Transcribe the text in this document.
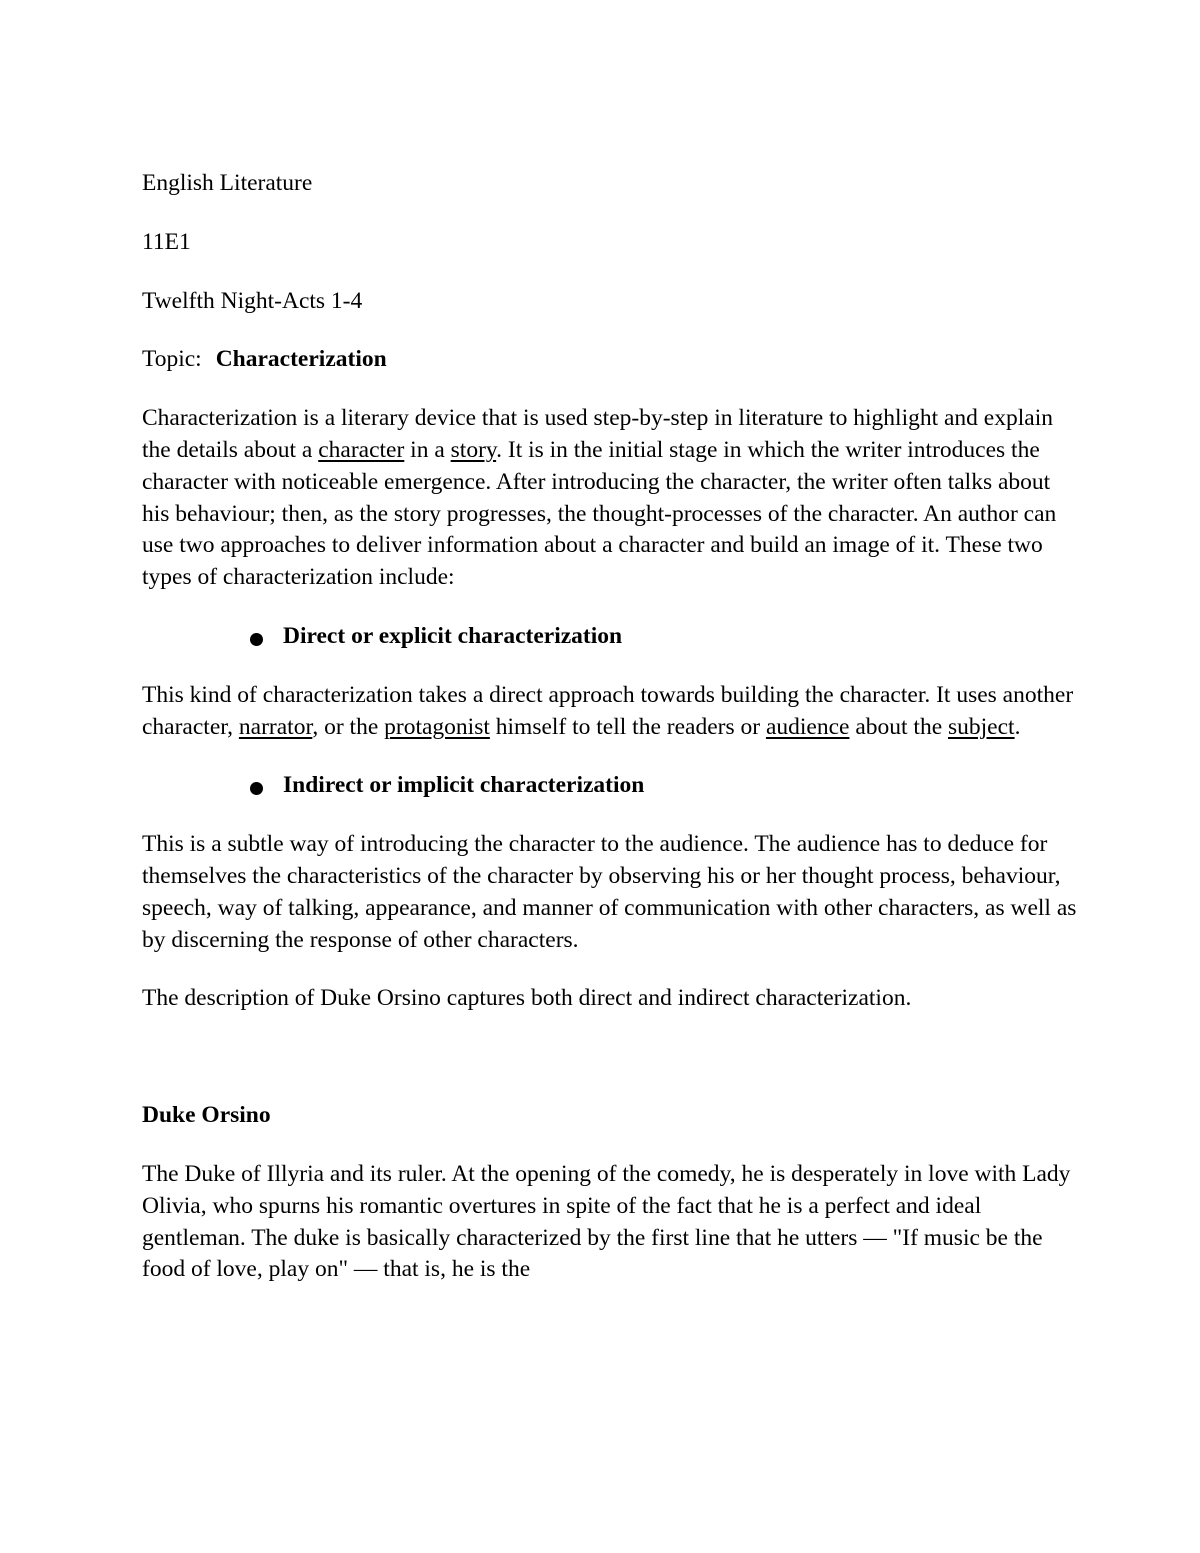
English Literature

11E1

Twelfth Night-Acts 1-4

Topic: Characterization

Characterization is a literary device that is used step-by-step in literature to highlight and explain the details about a character in a story. It is in the initial stage in which the writer introduces the character with noticeable emergence. After introducing the character, the writer often talks about his behaviour; then, as the story progresses, the thought-processes of the character. An author can use two approaches to deliver information about a character and build an image of it. These two types of characterization include:

Direct or explicit characterization

This kind of characterization takes a direct approach towards building the character. It uses another character, narrator, or the protagonist himself to tell the readers or audience about the subject.

Indirect or implicit characterization

This is a subtle way of introducing the character to the audience. The audience has to deduce for themselves the characteristics of the character by observing his or her thought process, behaviour, speech, way of talking, appearance, and manner of communication with other characters, as well as by discerning the response of other characters.

The description of Duke Orsino captures both direct and indirect characterization.

Duke Orsino

The Duke of Illyria and its ruler. At the opening of the comedy, he is desperately in love with Lady Olivia, who spurns his romantic overtures in spite of the fact that he is a perfect and ideal gentleman. The duke is basically characterized by the first line that he utters — "If music be the food of love, play on" — that is, he is the
